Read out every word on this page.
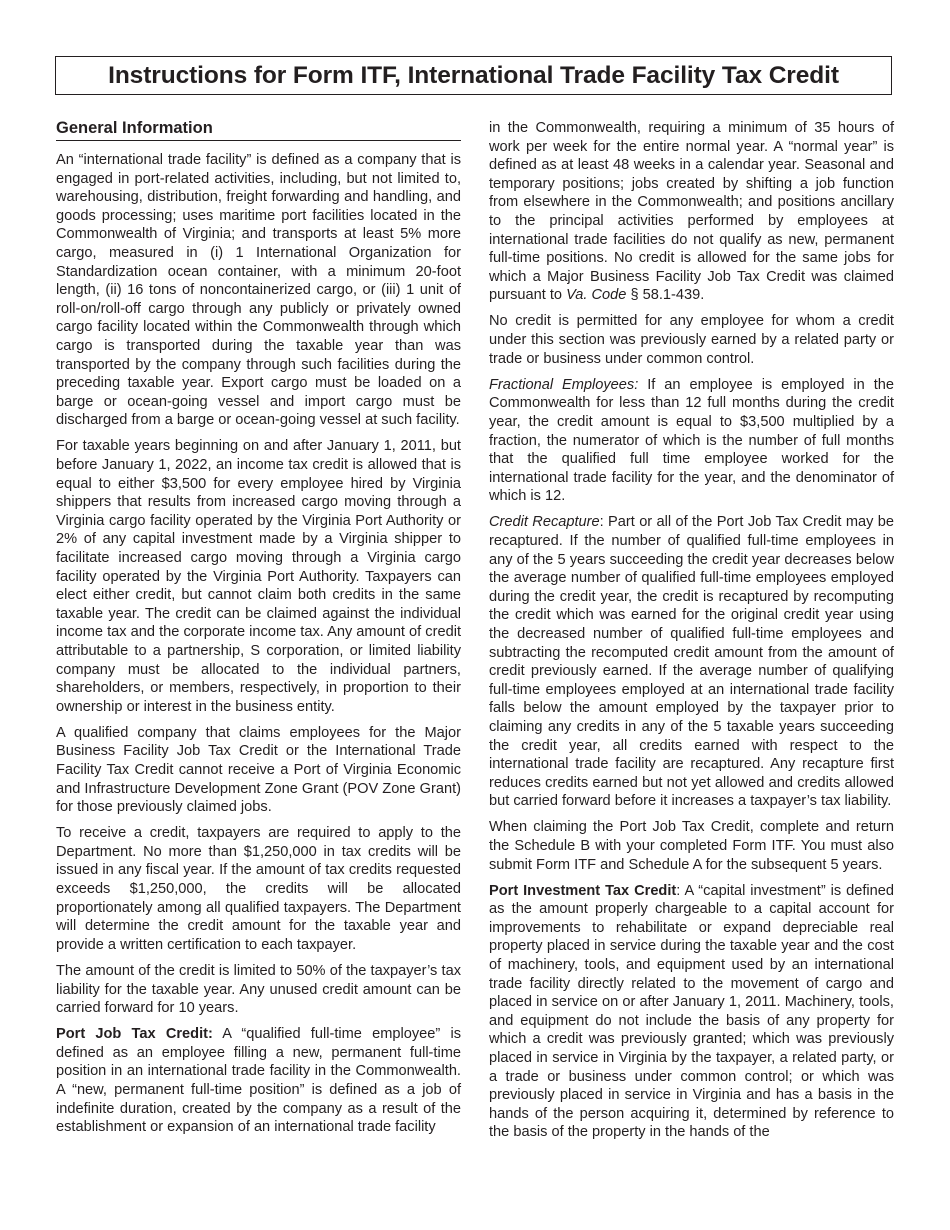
Instructions for Form ITF, International Trade Facility Tax Credit
General Information

An “international trade facility” is defined as a company that is engaged in port-related activities, including, but not limited to, warehousing, distribution, freight forwarding and handling, and goods processing; uses maritime port facilities located in the Commonwealth of Virginia; and transports at least 5% more cargo, measured in (i) 1 International Organization for Standardization ocean container, with a minimum 20-foot length, (ii) 16 tons of noncontainerized cargo, or (iii) 1 unit of roll-on/roll-off cargo through any publicly or privately owned cargo facility located within the Commonwealth through which cargo is transported during the taxable year than was transported by the company through such facilities during the preceding taxable year. Export cargo must be loaded on a barge or ocean-going vessel and import cargo must be discharged from a barge or ocean-going vessel at such facility.

For taxable years beginning on and after January 1, 2011, but before January 1, 2022, an income tax credit is allowed that is equal to either $3,500 for every employee hired by Virginia shippers that results from increased cargo moving through a Virginia cargo facility operated by the Virginia Port Authority or 2% of any capital investment made by a Virginia shipper to facilitate increased cargo moving through a Virginia cargo facility operated by the Virginia Port Authority. Taxpayers can elect either credit, but cannot claim both credits in the same taxable year. The credit can be claimed against the individual income tax and the corporate income tax. Any amount of credit attributable to a partnership, S corporation, or limited liability company must be allocated to the individual partners, shareholders, or members, respectively, in proportion to their ownership or interest in the business entity.

A qualified company that claims employees for the Major Business Facility Job Tax Credit or the International Trade Facility Tax Credit cannot receive a Port of Virginia Economic and Infrastructure Development Zone Grant (POV Zone Grant) for those previously claimed jobs.

To receive a credit, taxpayers are required to apply to the Department. No more than $1,250,000 in tax credits will be issued in any fiscal year. If the amount of tax credits requested exceeds $1,250,000, the credits will be allocated proportionately among all qualified taxpayers. The Department will determine the credit amount for the taxable year and provide a written certification to each taxpayer.

The amount of the credit is limited to 50% of the taxpayer’s tax liability for the taxable year. Any unused credit amount can be carried forward for 10 years.

Port Job Tax Credit: A “qualified full-time employee” is defined as an employee filling a new, permanent full-time position in an international trade facility in the Commonwealth. A “new, permanent full-time position” is defined as a job of indefinite duration, created by the company as a result of the establishment or expansion of an international trade facility

in the Commonwealth, requiring a minimum of 35 hours of work per week for the entire normal year. A “normal year” is defined as at least 48 weeks in a calendar year. Seasonal and temporary positions; jobs created by shifting a job function from elsewhere in the Commonwealth; and positions ancillary to the principal activities performed by employees at international trade facilities do not qualify as new, permanent full-time positions. No credit is allowed for the same jobs for which a Major Business Facility Job Tax Credit was claimed pursuant to Va. Code § 58.1-439.

No credit is permitted for any employee for whom a credit under this section was previously earned by a related party or trade or business under common control.

Fractional Employees: If an employee is employed in the Commonwealth for less than 12 full months during the credit year, the credit amount is equal to $3,500 multiplied by a fraction, the numerator of which is the number of full months that the qualified full time employee worked for the international trade facility for the year, and the denominator of which is 12.

Credit Recapture: Part or all of the Port Job Tax Credit may be recaptured. If the number of qualified full-time employees in any of the 5 years succeeding the credit year decreases below the average number of qualified full-time employees employed during the credit year, the credit is recaptured by recomputing the credit which was earned for the original credit year using the decreased number of qualified full-time employees and subtracting the recomputed credit amount from the amount of credit previously earned. If the average number of qualifying full-time employees employed at an international trade facility falls below the amount employed by the taxpayer prior to claiming any credits in any of the 5 taxable years succeeding the credit year, all credits earned with respect to the international trade facility are recaptured. Any recapture first reduces credits earned but not yet allowed and credits allowed but carried forward before it increases a taxpayer’s tax liability.

When claiming the Port Job Tax Credit, complete and return the Schedule B with your completed Form ITF. You must also submit Form ITF and Schedule A for the subsequent 5 years.

Port Investment Tax Credit: A “capital investment” is defined as the amount properly chargeable to a capital account for improvements to rehabilitate or expand depreciable real property placed in service during the taxable year and the cost of machinery, tools, and equipment used by an international trade facility directly related to the movement of cargo and placed in service on or after January 1, 2011. Machinery, tools, and equipment do not include the basis of any property for which a credit was previously granted; which was previously placed in service in Virginia by the taxpayer, a related party, or a trade or business under common control; or which was previously placed in service in Virginia and has a basis in the hands of the person acquiring it, determined by reference to the basis of the property in the hands of the
